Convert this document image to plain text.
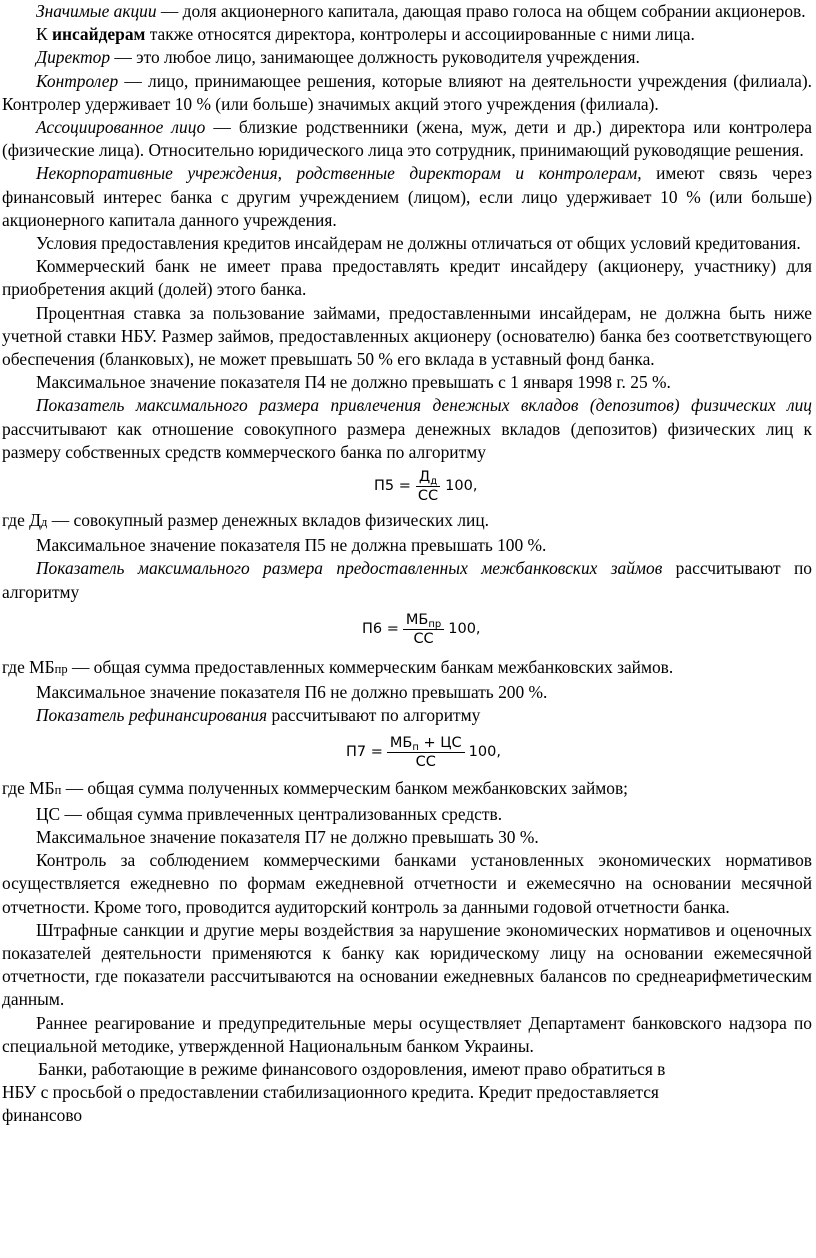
Значимые акции — доля акционерного капитала, дающая право голоса на общем собрании акционеров.

К инсайдерам также относятся директора, контролеры и ассоциированные с ними лица.

Директор — это любое лицо, занимающее должность руководителя учреждения.

Контролер — лицо, принимающее решения, которые влияют на деятельности учреждения (филиала). Контролер удерживает 10 % (или больше) значимых акций этого учреждения (филиала).

Ассоциированное лицо — близкие родственники (жена, муж, дети и др.) директора или контролера (физические лица). Относительно юридического лица это сотрудник, принимающий руководящие решения.

Некорпоративные учреждения, родственные директорам и контролерам, имеют связь через финансовый интерес банка с другим учреждением (лицом), если лицо удерживает 10 % (или больше) акционерного капитала данного учреждения.

Условия предоставления кредитов инсайдерам не должны отличаться от общих условий кредитования.

Коммерческий банк не имеет права предоставлять кредит инсайдеру (акционеру, участнику) для приобретения акций (долей) этого банка.

Процентная ставка за пользование займами, предоставленными инсайдерам, не должна быть ниже учетной ставки НБУ. Размер займов, предоставленных акционеру (основателю) банка без соответствующего обеспечения (бланковых), не может превышать 50 % его вклада в уставный фонд банка.

Максимальное значение показателя П4 не должно превышать с 1 января 1998 г. 25 %.

Показатель максимального размера привлечения денежных вкладов (депозитов) физических лиц рассчитывают как отношение совокупного размера денежных вкладов (депозитов) физических лиц к размеру собственных средств коммерческого банка по алгоритму

$П5 = \frac{Д_д}{СС} 100$,

где Дд — совокупный размер денежных вкладов физических лиц.

Максимальное значение показателя П5 не должна превышать 100 %.

Показатель максимального размера предоставленных межбанковских займов рассчитывают по алгоритму

$П6 = \frac{МБ_{пр}}{СС} 100$,

где МБпр — общая сумма предоставленных коммерческим банкам межбанковских займов.

Максимальное значение показателя П6 не должно превышать 200 %.

Показатель рефинансирования рассчитывают по алгоритму

$П7 = \frac{МБ_п + ЦС}{СС} 100$,

где МБп — общая сумма полученных коммерческим банком межбанковских займов;

ЦС — общая сумма привлеченных централизованных средств.

Максимальное значение показателя П7 не должно превышать 30 %.

Контроль за соблюдением коммерческими банками установленных экономических нормативов осуществляется ежедневно по формам ежедневной отчетности и ежемесячно на основании месячной отчетности. Кроме того, проводится аудиторский контроль за данными годовой отчетности банка.

Штрафные санкции и другие меры воздействия за нарушение экономических нормативов и оценочных показателей деятельности применяются к банку как юридическому лицу на основании ежемесячной отчетности, где показатели рассчитываются на основании ежедневных балансов по среднеарифметическим данным.

Раннее реагирование и предупредительные меры осуществляет Департамент банковского надзора по специальной методике, утвержденной Национальным банком Украины.

Банки, работающие в режиме финансового оздоровления, имеют право обратиться в

НБУ с просьбой о предоставлении стабилизационного кредита. Кредит предоставляется

финансово
